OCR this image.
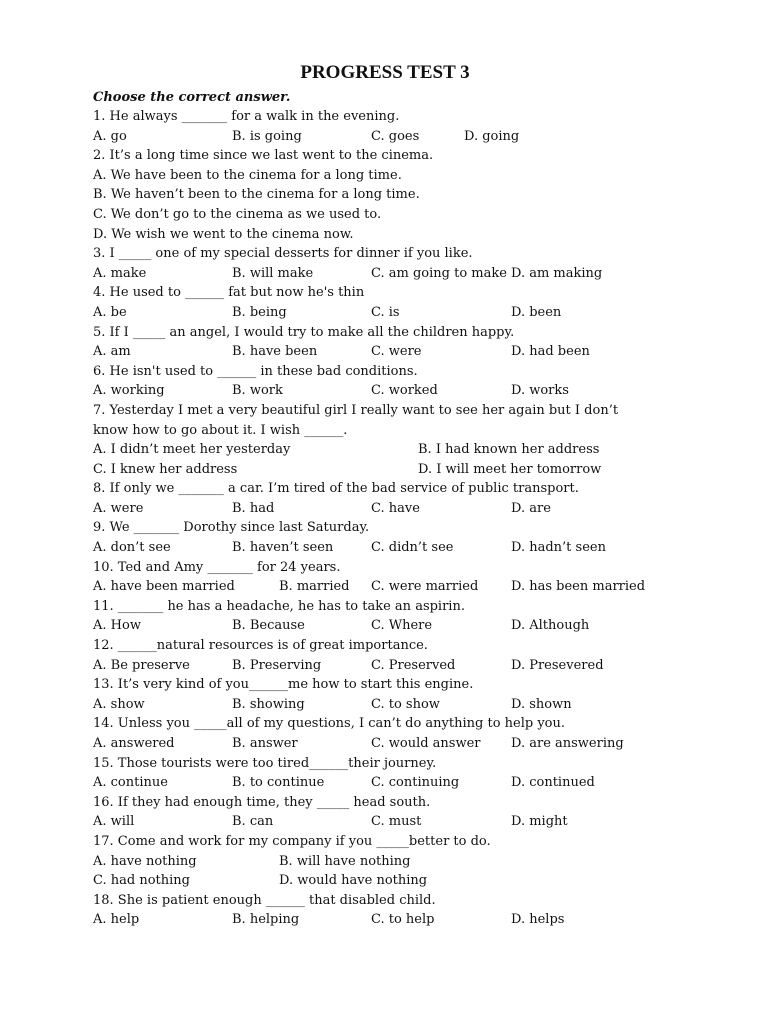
PROGRESS TEST 3
Choose the correct answer.
1. He always _______ for a walk in the evening.
A. go	B. is going	C. goes	D. going
2. It’s a long time since we last went to the cinema.
A. We have been to the cinema for a long time.
B. We haven’t been to the cinema for a long time.
C. We don’t go to the cinema as we used to.
D. We wish we went to the cinema now.
3. I _____ one of my special desserts for dinner if you like.
A. make	B. will make	C. am going to make D. am making
4. He used to ______ fat but now he's thin
A. be	B. being	C. is	D. been
5. If I _____ an angel, I would try to make all the children happy.
A. am	B. have been	C. were	D. had been
6. He isn't used to ______ in these bad conditions.
A. working	B. work	C. worked	D. works
7. Yesterday I met a very beautiful girl I really want to see her again but I don’t know how to go about it. I wish ______.
A. I didn’t meet her yesterday	B. I had known her address
C. I knew her address	D. I will meet her tomorrow
8. If only we _______ a car. I’m tired of the bad service of public transport.
A. were	B. had	C. have	D. are
9. We _______ Dorothy since last Saturday.
A. don’t see	B. haven’t seen	C. didn’t see	D. hadn’t seen
10. Ted and Amy _______ for 24 years.
A. have been married	B. married C. were married	D. has been married
11. _______ he has a headache, he has to take an aspirin.
A. How	B. Because	C. Where	D. Although
12. ______natural resources is of great importance.
A. Be preserve	B. Preserving	C. Preserved	D. Presevered
13. It’s very kind of you______me how to start this engine.
A. show	B. showing	C. to show	D. shown
14. Unless you _____all of my questions, I can’t do anything to help you.
A. answered	B. answer	C. would answer D. are answering
15. Those tourists were too tired______their journey.
A. continue	B. to continue	C. continuing	D. continued
16. If they had enough time, they _____ head south.
A. will	B. can	C. must	D. might
17. Come and work for my company if you _____better to do.
A. have nothing	B. will have nothing
C. had nothing	D. would have nothing
18. She is patient enough ______ that disabled child.
A. help	B. helping	C. to help	D. helps
